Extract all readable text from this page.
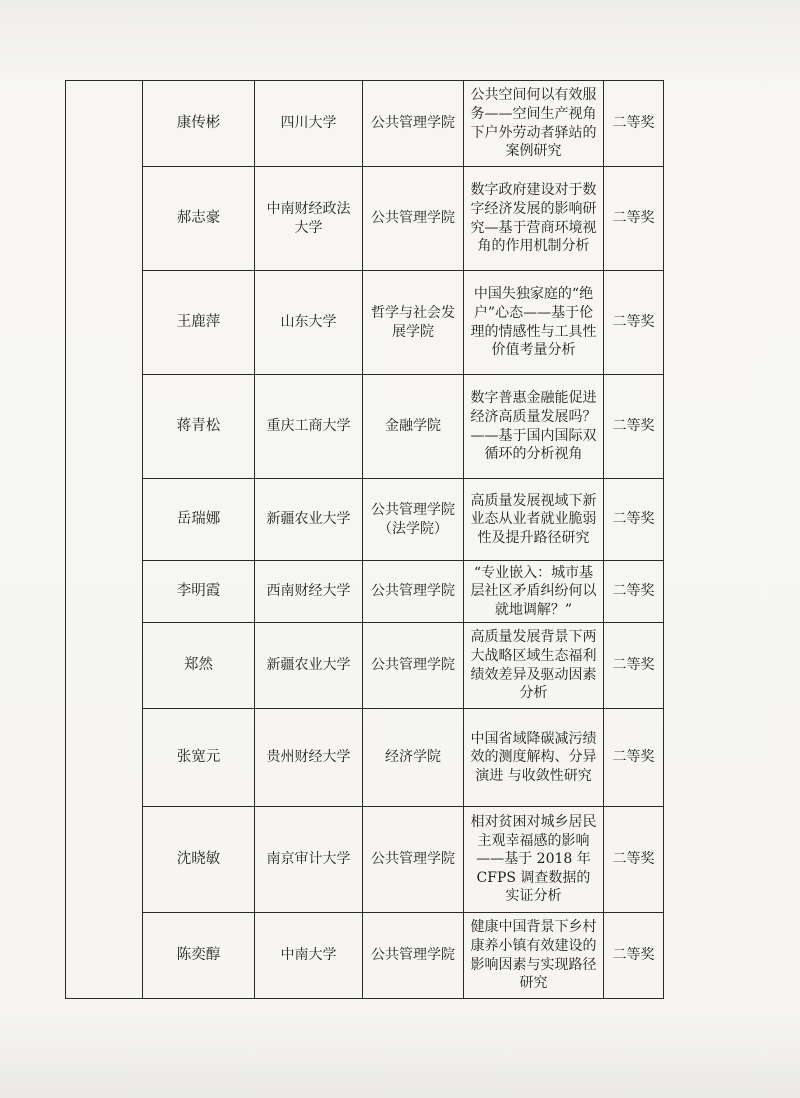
	康传彬	四川大学	公共管理学院	公共空间何以有效服务——空间生产视角下户外劳动者驿站的案例研究	二等奖
	郝志豪	中南财经政法大学	公共管理学院	数字政府建设对于数字经济发展的影响研究—基于营商环境视角的作用机制分析	二等奖
	王鹿萍	山东大学	哲学与社会发展学院	中国失独家庭的“绝户”心态——基于伦理的情感性与工具性价值考量分析	二等奖
	蒋青松	重庆工商大学	金融学院	数字普惠金融能促进经济高质量发展吗？——基于国内国际双循环的分析视角	二等奖
	岳瑞娜	新疆农业大学	公共管理学院（法学院）	高质量发展视域下新业态从业者就业脆弱性及提升路径研究	二等奖
	李明霞	西南财经大学	公共管理学院	“专业嵌入：城市基层社区矛盾纠纷何以就地调解？”	二等奖
	郑然	新疆农业大学	公共管理学院	高质量发展背景下两大战略区域生态福利绩效差异及驱动因素分析	二等奖
	张宽元	贵州财经大学	经济学院	中国省域降碳减污绩效的测度解构、分异演进 与收敛性研究	二等奖
	沈晓敏	南京审计大学	公共管理学院	相对贫困对城乡居民主观幸福感的影响 ——基于 2018 年 CFPS 调查数据的实证分析	二等奖
	陈奕醇	中南大学	公共管理学院	健康中国背景下乡村康养小镇有效建设的影响因素与实现路径研究	二等奖
